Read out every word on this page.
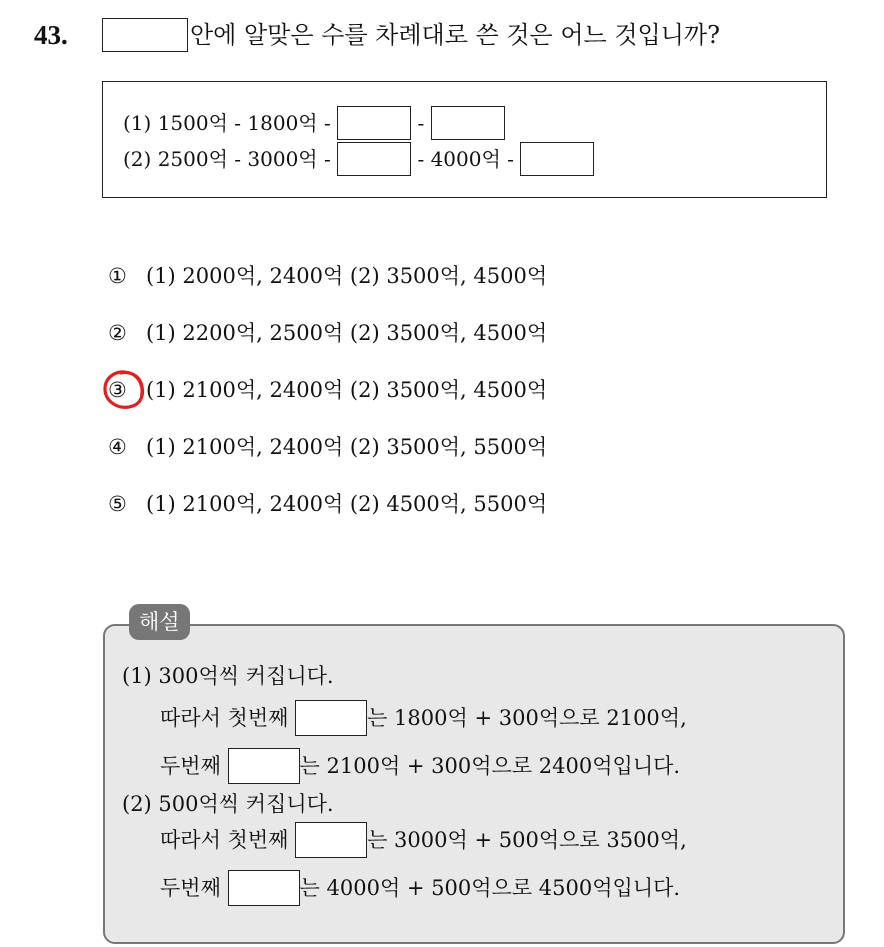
43.	안에 알맞은 수를 차례대로 쓴 것은 어느 것입니까?
(1) 1500억 - 1800억 -	-
(2) 2500억 - 3000억 -	- 4000억 -
① (1) 2000억, 2400억 (2) 3500억, 4500억
② (1) 2200억, 2500억 (2) 3500억, 4500억
③ (1) 2100억, 2400억 (2) 3500억, 4500억
④ (1) 2100억, 2400억 (2) 3500억, 5500억
⑤ (1) 2100억, 2400억 (2) 4500억, 5500억
(1) 300억씩 커집니다.
따라서 첫번째	는 1800억 + 300억으로 2100억,
두번째	는 2100억 + 300억으로 2400억입니다.
(2) 500억씩 커집니다.
따라서 첫번째	는 3000억 + 500억으로 3500억,
두번째	는 4000억 + 500억으로 4500억입니다.
해설
